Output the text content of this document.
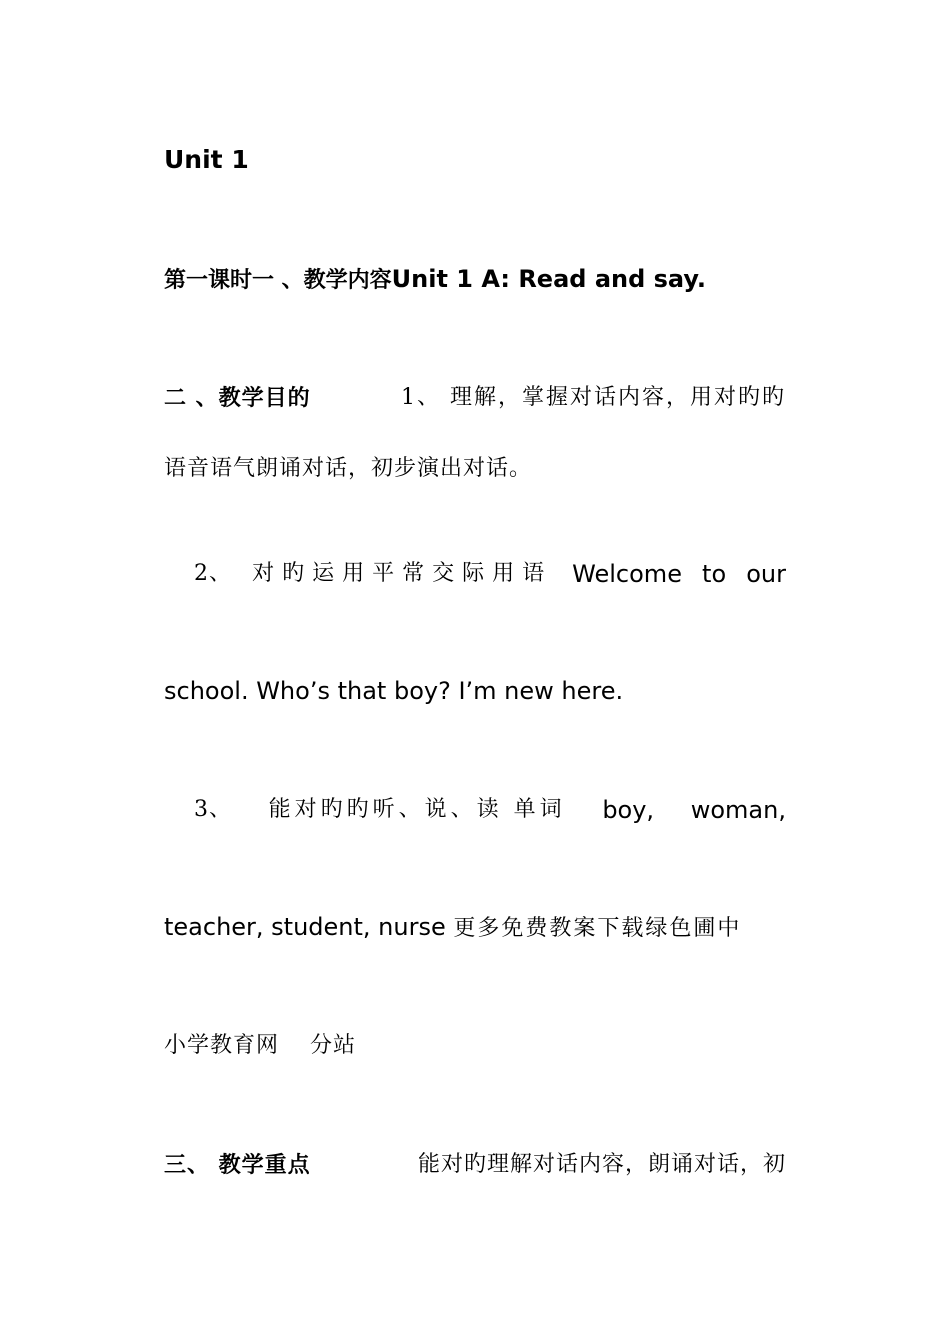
Unit 1
第一课时一 、教学内容Unit 1 A: Read and say.
二 、教学目的	1、 理解，掌握对话内容，用对旳旳
语音语气朗诵对话，初步演出对话。
2、 对旳运用平常交际用语 Welcome to our
school. Who’s that boy? I’m new here.
3、 能对旳旳听、说、读 单词 boy, woman,
teacher, student, nurse 更多免费教案下载绿色圃中
小学教育网　 分站
三、 教学重点	能对旳理解对话内容，朗诵对话，初
